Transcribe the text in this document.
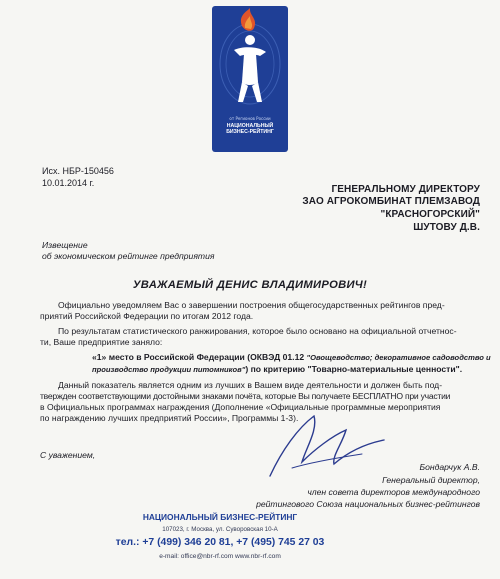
от Регионов России
НАЦИОНАЛЬНЫЙ
БИЗНЕС-РЕЙТИНГ
Исх. НБР-150456
10.01.2014 г.
ГЕНЕРАЛЬНОМУ ДИРЕКТОРУ
ЗАО АГРОКОМБИНАТ ПЛЕМЗАВОД
"КРАСНОГОРСКИЙ"
ШУТОВУ Д.В.
Извещение
об экономическом рейтинге предприятия
УВАЖАЕМЫЙ ДЕНИС ВЛАДИМИРОВИЧ!
Официально уведомляем Вас о завершении построения общегосударственных рейтингов пред-
приятий Российской Федерации по итогам 2012 года.
По результатам статистического ранжирования, которое было основано на официальной отчетнос-
ти, Ваше предприятие заняло:
«1» место в Российской Федерации (ОКВЭД 01.12 "Овощеводство; декоративное садоводство и
производство продукции питомников") по критерию "Товарно-материальные ценности".
Данный показатель является одним из лучших в Вашем виде деятельности и должен быть под-
твержден соответствующими достойными знаками почёта, которые Вы получаете БЕСПЛАТНО при участии
в Официальных программах награждения (Дополнение «Официальные программные мероприятия
по награждению лучших предприятий России», Программы 1-3).
С уважением,
Бондарчук А.В.
Генеральный директор,
член совета директоров международного
рейтингового Союза национальных бизнес-рейтингов
НАЦИОНАЛЬНЫЙ БИЗНЕС-РЕЙТИНГ
107023, г. Москва, ул. Суворовская 10-А
тел.: +7 (499) 346 20 81, +7 (495) 745 27 03
e-mail: office@nbr-rf.com www.nbr-rf.com
